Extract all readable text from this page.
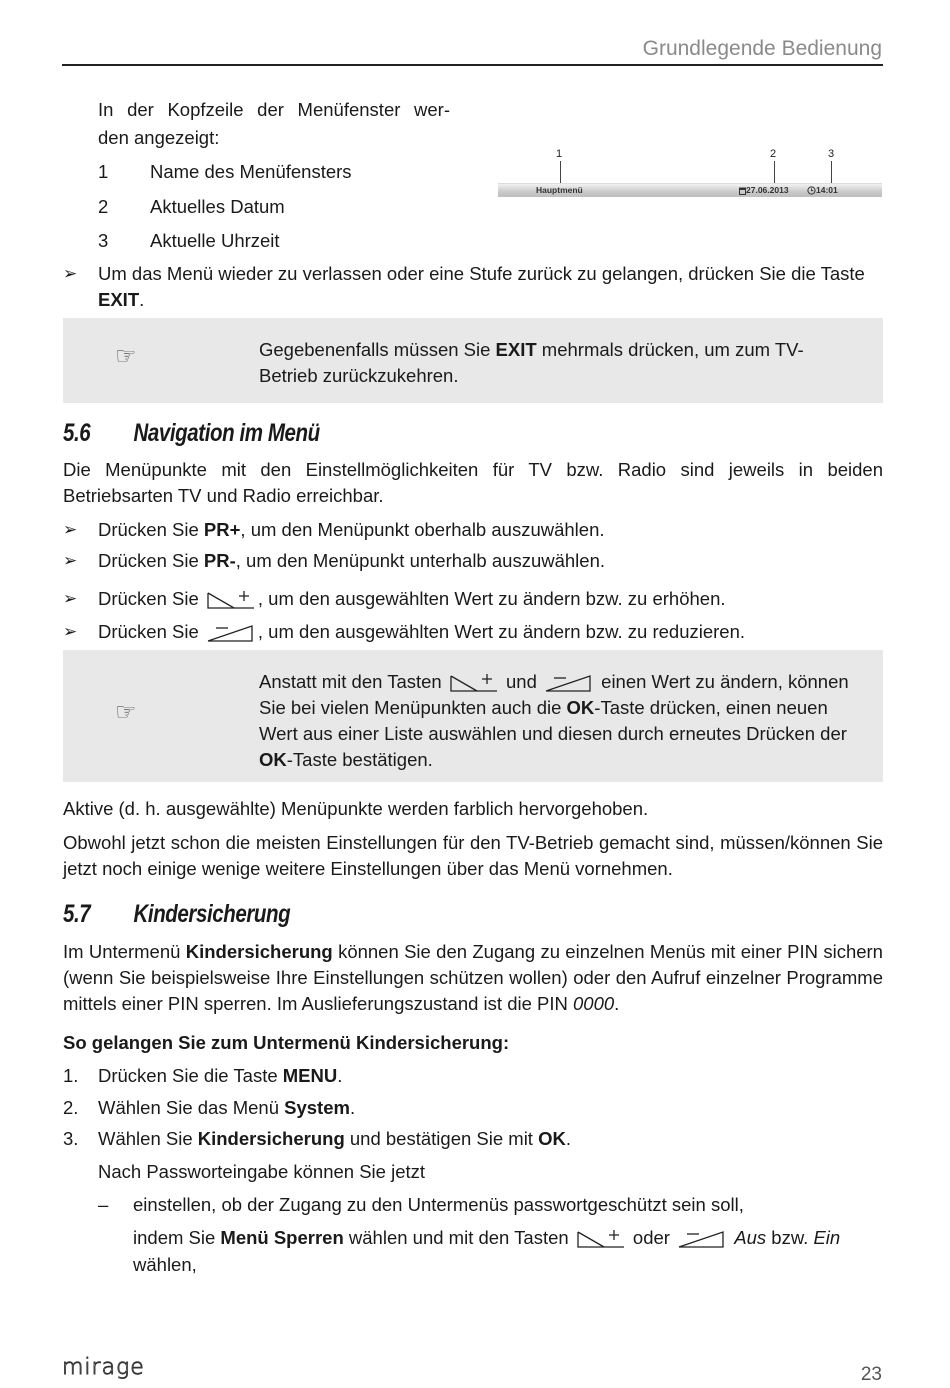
Grundlegende Bedienung
In der Kopfzeile der Menüfenster wer-
den angezeigt:
1	Name des Menüfensters
2	Aktuelles Datum
3	Aktuelle Uhrzeit
1	2	3
Hauptmenü	27.06.2013	14:01
➢	Um das Menü wieder zu verlassen oder eine Stufe zurück zu gelangen, drücken Sie die Taste EXIT.
☞	Gegebenenfalls müssen Sie EXIT mehrmals drücken, um zum TV-Betrieb zurückzukehren.
5.6 Navigation im Menü
Die Menüpunkte mit den Einstellmöglichkeiten für TV bzw. Radio sind jeweils in beiden Betriebsarten TV und Radio erreichbar.
➢	Drücken Sie PR+, um den Menüpunkt oberhalb auszuwählen.
➢	Drücken Sie PR-, um den Menüpunkt unterhalb auszuwählen.
➢	Drücken Sie	, um den ausgewählten Wert zu ändern bzw. zu erhöhen.
➢	Drücken Sie	, um den ausgewählten Wert zu ändern bzw. zu reduzieren.
☞
Anstatt mit den Tasten	und	einen Wert zu ändern, können Sie bei vielen Menüpunkten auch die OK-Taste drücken, einen neuen Wert aus einer Liste auswählen und diesen durch erneutes Drücken der OK-Taste bestätigen.
Aktive (d. h. ausgewählte) Menüpunkte werden farblich hervorgehoben.
Obwohl jetzt schon die meisten Einstellungen für den TV-Betrieb gemacht sind, müssen/können Sie jetzt noch einige wenige weitere Einstellungen über das Menü vornehmen.
5.7 Kindersicherung
Im Untermenü Kindersicherung können Sie den Zugang zu einzelnen Menüs mit einer PIN sichern (wenn Sie beispielsweise Ihre Einstellungen schützen wollen) oder den Aufruf einzelner Programme mittels einer PIN sperren. Im Auslieferungszustand ist die PIN 0000.
So gelangen Sie zum Untermenü Kindersicherung:
1. Drücken Sie die Taste MENU.
2. Wählen Sie das Menü System.
3. Wählen Sie Kindersicherung und bestätigen Sie mit OK.
Nach Passworteingabe können Sie jetzt
– einstellen, ob der Zugang zu den Untermenüs passwortgeschützt sein soll,
indem Sie Menü Sperren wählen und mit den Tasten	oder	Aus bzw. Ein
wählen,
mirage	23
